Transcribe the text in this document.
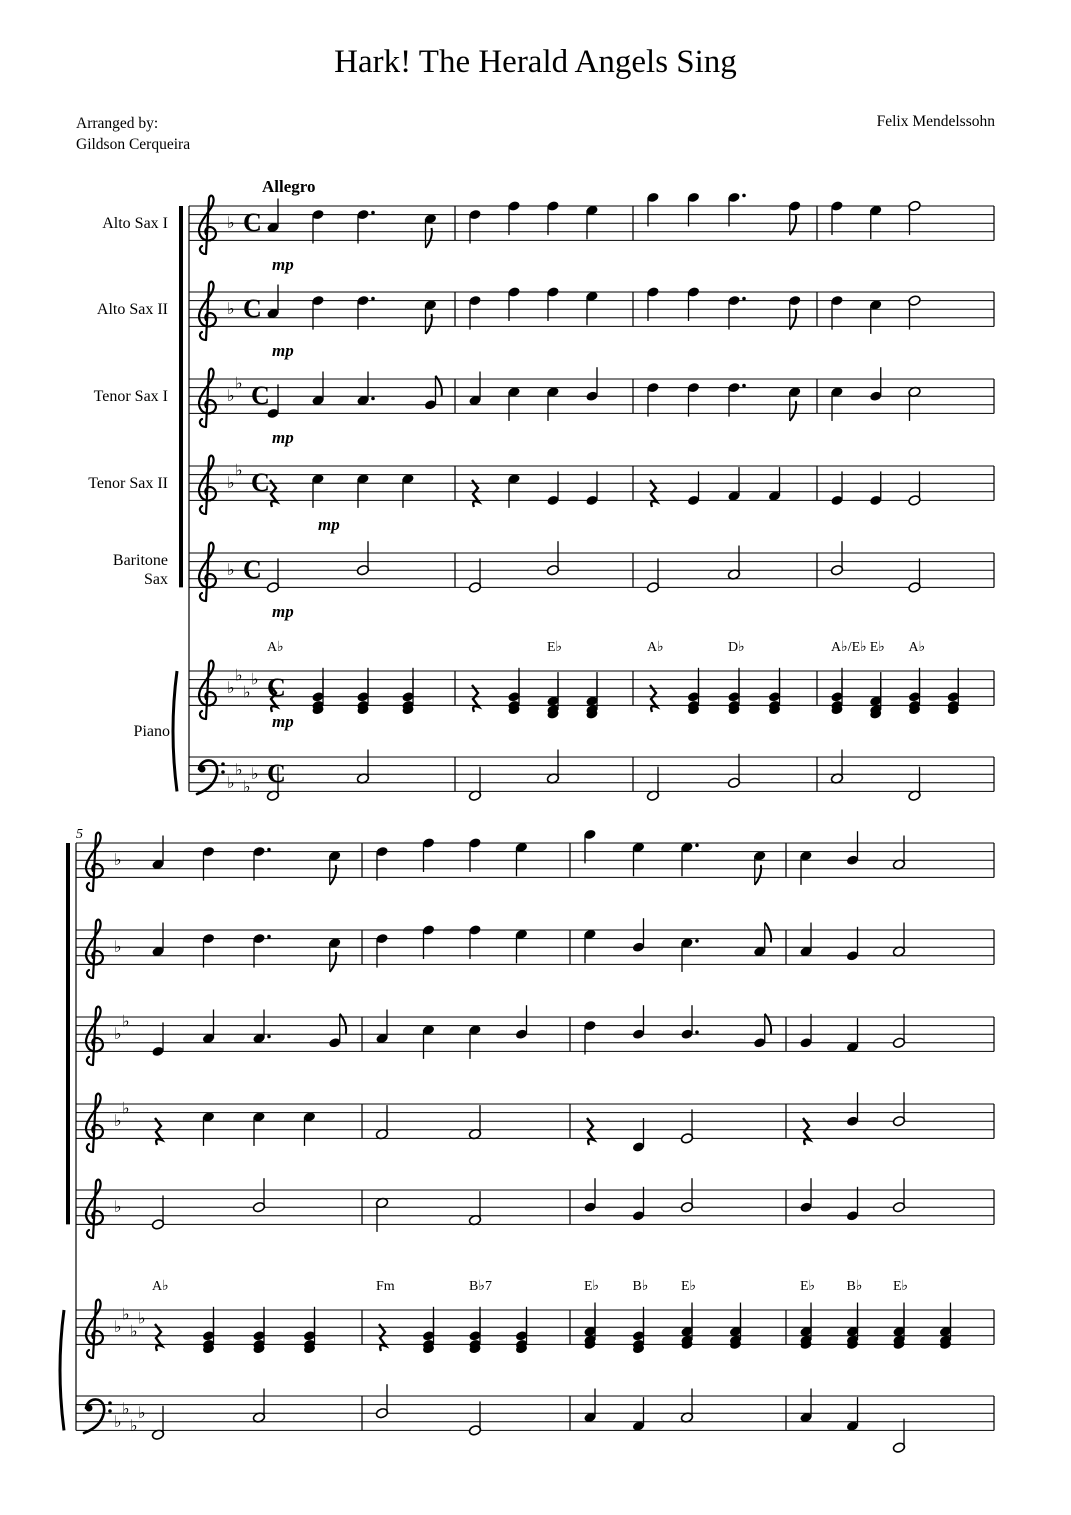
Hark! The Herald Angels Sing
Arranged by:
Gildson Cerqueira
Felix Mendelssohn
Alto Sax I
Alto Sax II
Tenor Sax I
Tenor Sax II
Baritone
Sax
Piano
Allegro
♭ C
♭ C
♭
♭ C
♭
♭ C
♭ C
♭
♭
♭
♭ C
♭
♭
♭
♭ C
mp
mp
mp
mp
mp
mp
A♭	E♭	A♭	D♭	A♭/E♭ E♭ A♭
5
♭
♭
♭
♭
♭
♭
♭
♭
♭
♭
♭
♭
♭
♭
♭
A♭	Fm	B♭7	E♭ B♭ E♭	E♭ B♭ E♭
